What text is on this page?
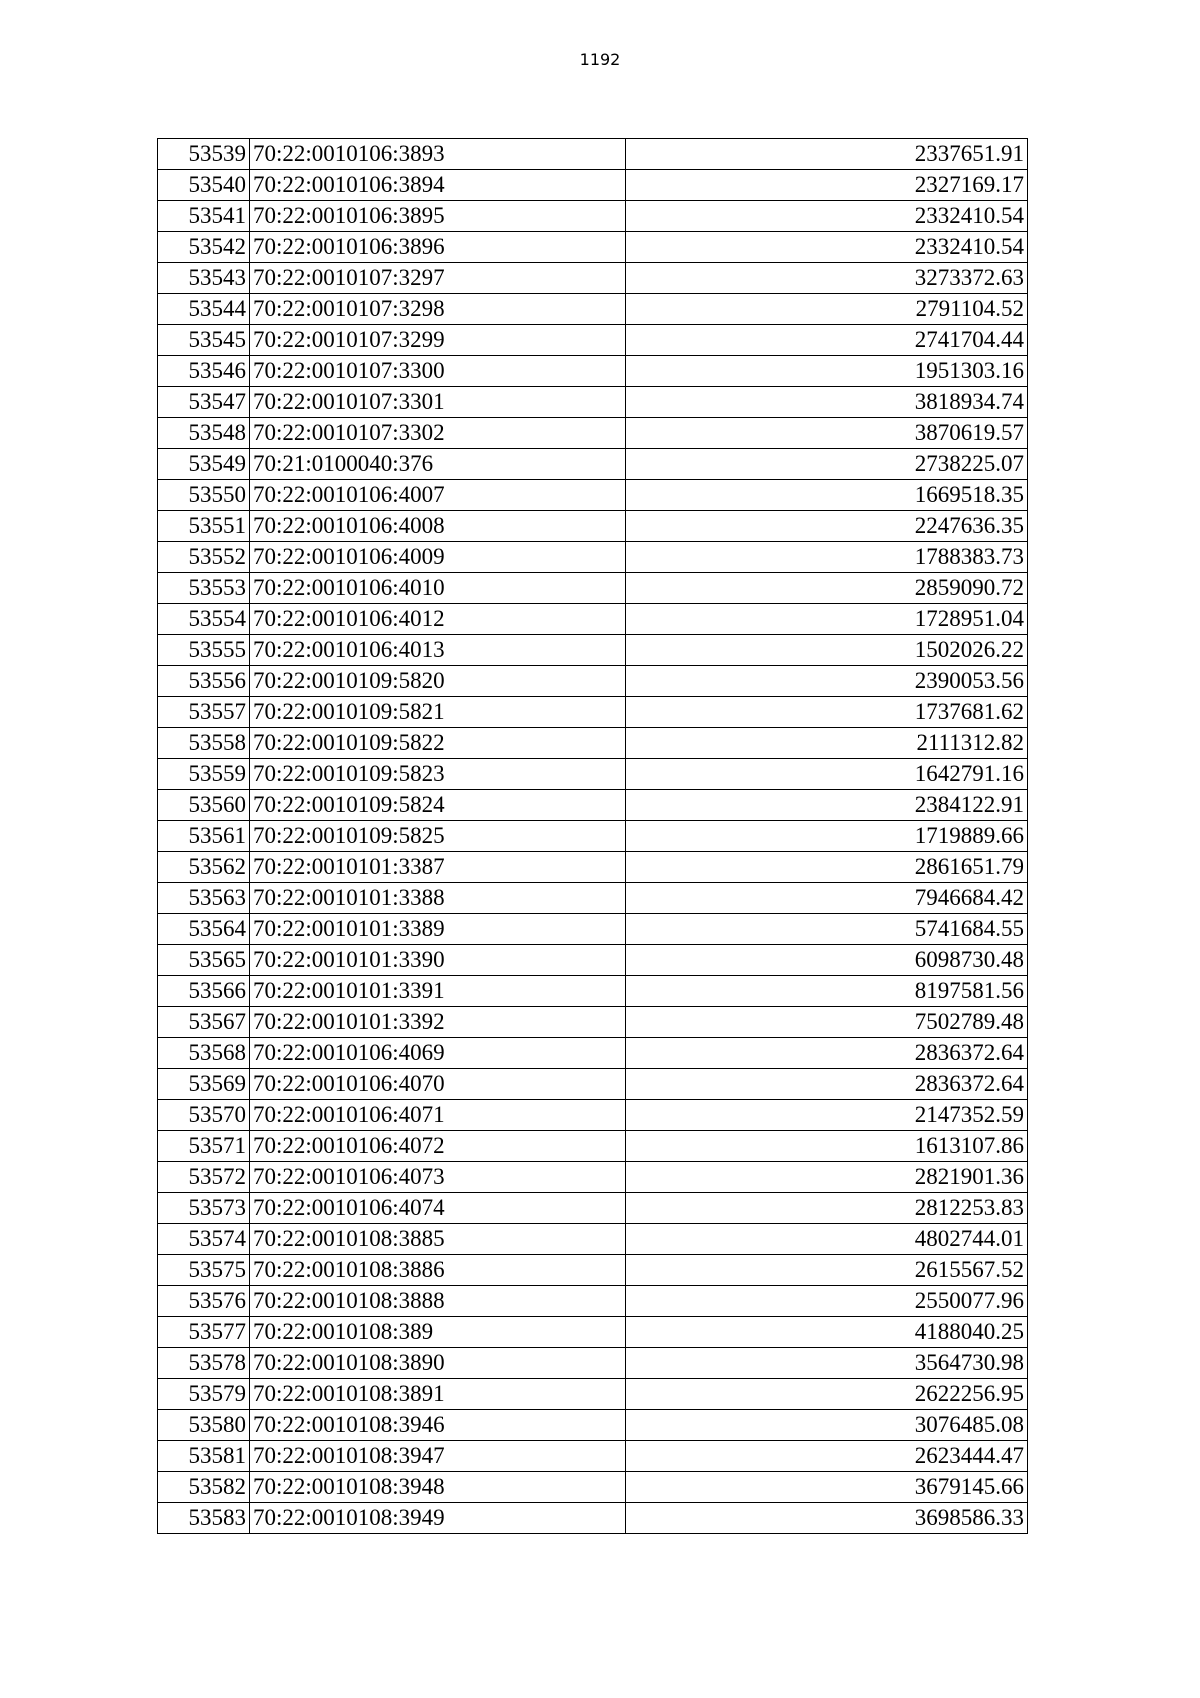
1192
53539	70:22:0010106:3893	2337651.91
53540	70:22:0010106:3894	2327169.17
53541	70:22:0010106:3895	2332410.54
53542	70:22:0010106:3896	2332410.54
53543	70:22:0010107:3297	3273372.63
53544	70:22:0010107:3298	2791104.52
53545	70:22:0010107:3299	2741704.44
53546	70:22:0010107:3300	1951303.16
53547	70:22:0010107:3301	3818934.74
53548	70:22:0010107:3302	3870619.57
53549	70:21:0100040:376	2738225.07
53550	70:22:0010106:4007	1669518.35
53551	70:22:0010106:4008	2247636.35
53552	70:22:0010106:4009	1788383.73
53553	70:22:0010106:4010	2859090.72
53554	70:22:0010106:4012	1728951.04
53555	70:22:0010106:4013	1502026.22
53556	70:22:0010109:5820	2390053.56
53557	70:22:0010109:5821	1737681.62
53558	70:22:0010109:5822	2111312.82
53559	70:22:0010109:5823	1642791.16
53560	70:22:0010109:5824	2384122.91
53561	70:22:0010109:5825	1719889.66
53562	70:22:0010101:3387	2861651.79
53563	70:22:0010101:3388	7946684.42
53564	70:22:0010101:3389	5741684.55
53565	70:22:0010101:3390	6098730.48
53566	70:22:0010101:3391	8197581.56
53567	70:22:0010101:3392	7502789.48
53568	70:22:0010106:4069	2836372.64
53569	70:22:0010106:4070	2836372.64
53570	70:22:0010106:4071	2147352.59
53571	70:22:0010106:4072	1613107.86
53572	70:22:0010106:4073	2821901.36
53573	70:22:0010106:4074	2812253.83
53574	70:22:0010108:3885	4802744.01
53575	70:22:0010108:3886	2615567.52
53576	70:22:0010108:3888	2550077.96
53577	70:22:0010108:389	4188040.25
53578	70:22:0010108:3890	3564730.98
53579	70:22:0010108:3891	2622256.95
53580	70:22:0010108:3946	3076485.08
53581	70:22:0010108:3947	2623444.47
53582	70:22:0010108:3948	3679145.66
53583	70:22:0010108:3949	3698586.33
